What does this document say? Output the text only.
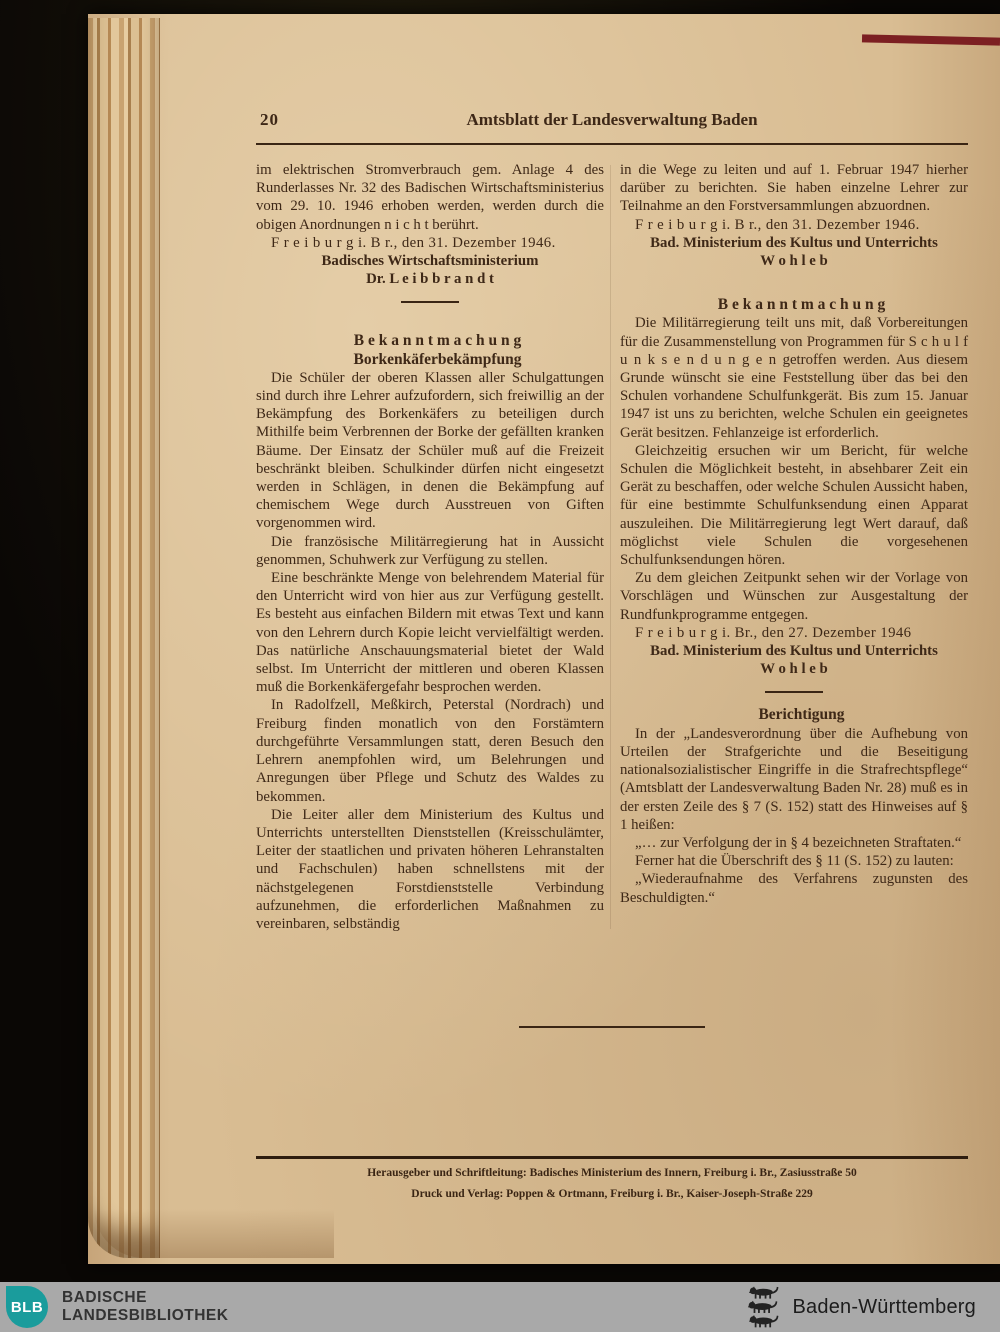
20	Amtsblatt der Landesverwaltung Baden

im elektrischen Stromverbrauch gem. Anlage 4 des Runderlasses Nr. 32 des Badischen Wirtschaftsministerius vom 29. 10. 1946 erhoben werden, werden durch die obigen Anordnungen n i c h t berührt.

F r e i b u r g i. B r., den 31. Dezember 1946.

Badisches Wirtschaftsministerium

Dr. L e i b b r a n d t

B e k a n n t m a c h u n g

Borkenkäferbekämpfung

Die Schüler der oberen Klassen aller Schulgattungen sind durch ihre Lehrer aufzufordern, sich freiwillig an der Bekämpfung des Borkenkäfers zu beteiligen durch Mithilfe beim Verbrennen der Borke der gefällten kranken Bäume. Der Einsatz der Schüler muß auf die Freizeit beschränkt bleiben. Schulkinder dürfen nicht eingesetzt werden in Schlägen, in denen die Bekämpfung auf chemischem Wege durch Ausstreuen von Giften vorgenommen wird.

Die französische Militärregierung hat in Aussicht genommen, Schuhwerk zur Verfügung zu stellen.

Eine beschränkte Menge von belehrendem Material für den Unterricht wird von hier aus zur Verfügung gestellt. Es besteht aus einfachen Bildern mit etwas Text und kann von den Lehrern durch Kopie leicht vervielfältigt werden. Das natürliche Anschauungsmaterial bietet der Wald selbst. Im Unterricht der mittleren und oberen Klassen muß die Borkenkäfergefahr besprochen werden.

In Radolfzell, Meßkirch, Peterstal (Nordrach) und Freiburg finden monatlich von den Forstämtern durchgeführte Versammlungen statt, deren Besuch den Lehrern anempfohlen wird, um Belehrungen und Anregungen über Pflege und Schutz des Waldes zu bekommen.

Die Leiter aller dem Ministerium des Kultus und Unterrichts unterstellten Dienststellen (Kreisschulämter, Leiter der staatlichen und privaten höheren Lehranstalten und Fachschulen) haben schnellstens mit der nächstgelegenen Forstdienststelle Verbindung aufzunehmen, die erforderlichen Maßnahmen zu vereinbaren, selbständig

in die Wege zu leiten und auf 1. Februar 1947 hierher darüber zu berichten. Sie haben einzelne Lehrer zur Teilnahme an den Forstversammlungen abzuordnen.

F r e i b u r g i. B r., den 31. Dezember 1946.

Bad. Ministerium des Kultus und Unterrichts

W o h l e b

B e k a n n t m a c h u n g

Die Militärregierung teilt uns mit, daß Vorbereitungen für die Zusammenstellung von Programmen für S c h u l f u n k s e n d u n g e n getroffen werden. Aus diesem Grunde wünscht sie eine Feststellung über das bei den Schulen vorhandene Schulfunkgerät. Bis zum 15. Januar 1947 ist uns zu berichten, welche Schulen ein geeignetes Gerät besitzen. Fehlanzeige ist erforderlich.

Gleichzeitig ersuchen wir um Bericht, für welche Schulen die Möglichkeit besteht, in absehbarer Zeit ein Gerät zu beschaffen, oder welche Schulen Aussicht haben, für eine bestimmte Schulfunksendung einen Apparat auszuleihen. Die Militärregierung legt Wert darauf, daß möglichst viele Schulen die vorgesehenen Schulfunksendungen hören.

Zu dem gleichen Zeitpunkt sehen wir der Vorlage von Vorschlägen und Wünschen zur Ausgestaltung der Rundfunkprogramme entgegen.

F r e i b u r g i. Br., den 27. Dezember 1946

Bad. Ministerium des Kultus und Unterrichts

W o h l e b

Berichtigung

In der „Landesverordnung über die Aufhebung von Urteilen der Strafgerichte und die Beseitigung nationalsozialistischer Eingriffe in die Strafrechtspflege“ (Amtsblatt der Landesverwaltung Baden Nr. 28) muß es in der ersten Zeile des § 7 (S. 152) statt des Hinweises auf § 1 heißen:

„… zur Verfolgung der in § 4 bezeichneten Straftaten.“

Ferner hat die Überschrift des § 11 (S. 152) zu lauten:

„Wiederaufnahme des Verfahrens zugunsten des Beschuldigten.“

Herausgeber und Schriftleitung: Badisches Ministerium des Innern, Freiburg i. Br., Zasiusstraße 50
Druck und Verlag: Poppen & Ortmann, Freiburg i. Br., Kaiser-Joseph-Straße 229
BLB
BADISCHE
LANDESBIBLIOTHEK	Baden-Württemberg
